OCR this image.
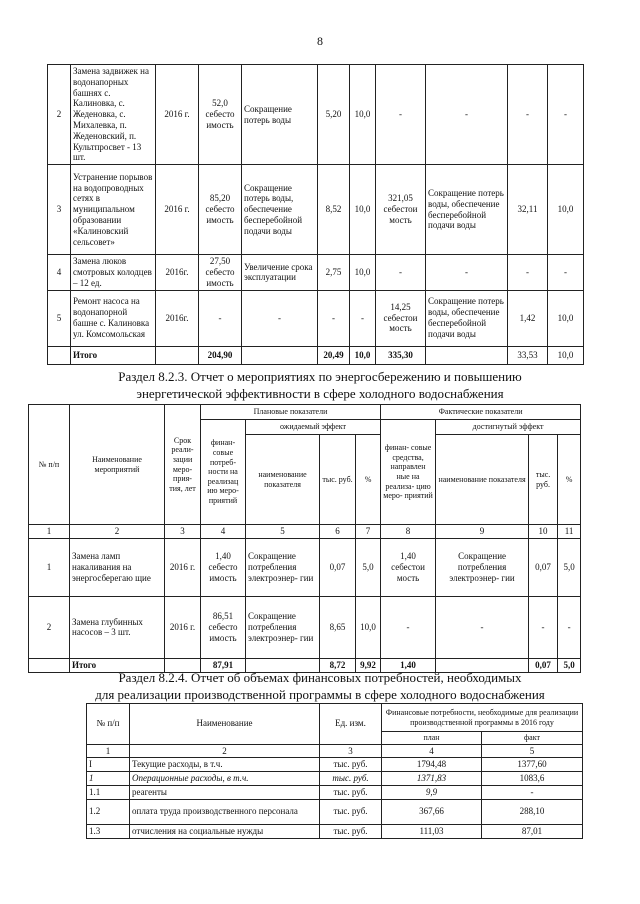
8
2	Замена задвижек на водонапорных башнях с. Калиновка, с. Жеденовка, с. Михалевка, п. Жеденовский, п. Культпросвет - 13 шт.	2016 г.	52,0 себесто имость	Сокращение потерь воды	5,20	10,0	-	-	-	-
3	Устранение порывов на водопроводных сетях в муниципальном образовании «Калиновский сельсовет»	2016 г.	85,20 себесто имость	Сокращение потерь воды, обеспечение бесперебойной подачи воды	8,52	10,0	321,05 себестои мость	Сокращение потерь воды, обеспечение бесперебойной подачи воды	32,11	10,0
4	Замена люков смотровых колодцев – 12 ед.	2016г.	27,50 себесто имость	Увеличение срока эксплуатации	2,75	10,0	-	-	-	-
5	Ремонт насоса на водонапорной башне с. Калиновка ул. Комсомольская	2016г.	-	-	-	-	14,25 себестои мость	Сокращение потерь воды, обеспечение бесперебойной подачи воды	1,42	10,0
	Итого		204,90		20,49	10,0	335,30		33,53	10,0
Раздел 8.2.3. Отчет о мероприятиях по энергосбережению и повышению
энергетической эффективности в сфере холодного водоснабжения
№ п/п	Наименование мероприятий	Срок реали- зации меро- прия- тия, лет	Плановые показатели				Фактические показатели			
			финан- совые потреб- ности на реализац ию меро- приятий	ожидаемый эффект			финан- совые средства, направлен ные на реализа- цию меро- приятий	достигнутый эффект		
				наименование показателя	тыс. руб.	%		наименование показателя	тыс. руб.	%
1	2	3	4	5	6	7	8	9	10	11
1	Замена ламп накаливания на энергосберегаю щие	2016 г.	1,40 себесто имость	Сокращение потребления электроэнер- гии	0,07	5,0	1,40 себестои мость	Сокращение потребления электроэнер- гии	0,07	5,0
2	Замена глубинных насосов – 3 шт.	2016 г.	86,51 себесто имость	Сокращение потребления электроэнер- гии	8,65	10,0	-	-	-	-
	Итого		87,91		8,72	9,92	1,40		0,07	5,0
Раздел 8.2.4. Отчет об объемах финансовых потребностей, необходимых
для реализации производственной программы в сфере холодного водоснабжения
№ п/п	Наименование	Ед. изм.	Финансовые потребности, необходимые для реализации производственной программы в 2016 году	
			план	факт
1	2	3	4	5
I	Текущие расходы, в т.ч.	тыс. руб.	1794,48	1377,60
1	Операционные расходы, в т.ч.	тыс. руб.	1371,83	1083,6
1.1	реагенты	тыс. руб.	9,9	-
1.2	оплата труда производственного персонала	тыс. руб.	367,66	288,10
1.3	отчисления на социальные нужды	тыс. руб.	111,03	87,01
